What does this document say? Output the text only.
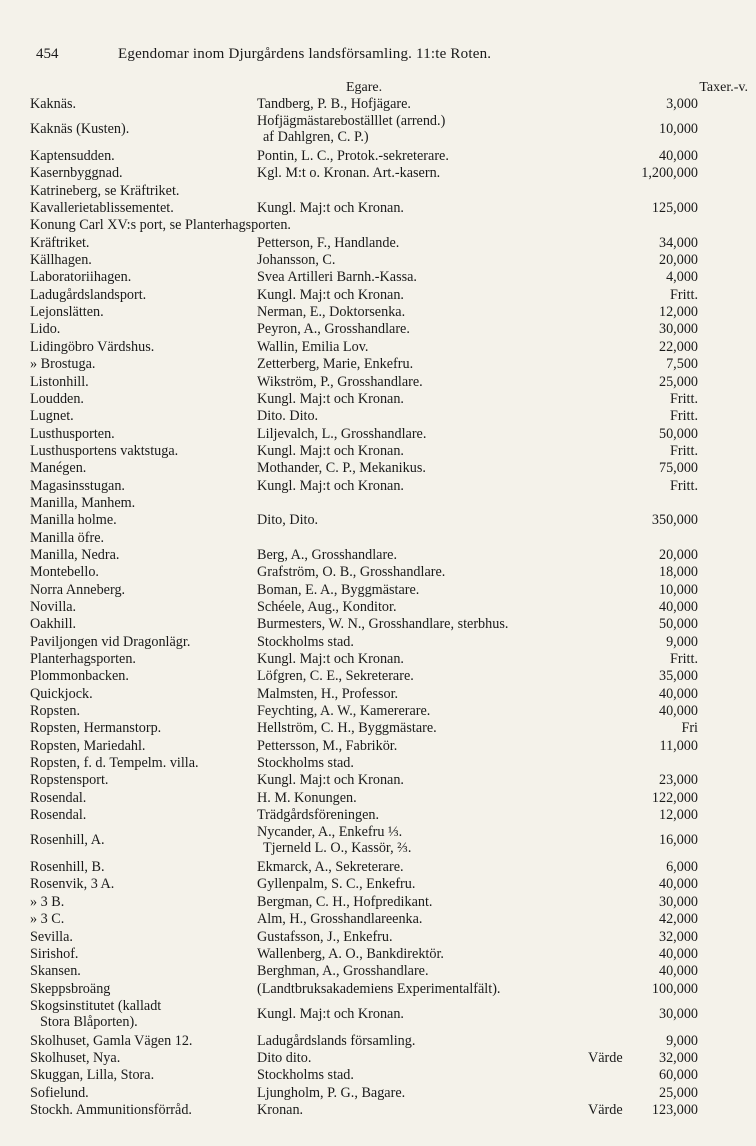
454	Egendomar inom Djurgårdens landsförsamling. 11:te Roten.
Egare.	Taxer.-v.
Kaknäs.	Tandberg, P. B., Hofjägare.	3,000
Kaknäs (Kusten).	Hofjägmästareboställlet (arrend.)
af Dahlgren, C. P.)	10,000
Kaptensudden.	Pontin, L. C., Protok.-sekreterare.	40,000
Kasernbyggnad.	Kgl. M:t o. Kronan. Art.-kasern.	1,200,000
Katrineberg, se Kräftriket.
Kavallerietablissementet.	Kungl. Maj:t och Kronan.	125,000
Konung Carl XV:s port, se Planterhagsporten.
Kräftriket.	Petterson, F., Handlande.	34,000
Källhagen.	Johansson, C.	20,000
Laboratoriihagen.	Svea Artilleri Barnh.-Kassa.	4,000
Ladugårdslandsport.	Kungl. Maj:t och Kronan.	Fritt.
Lejonslätten.	Nerman, E., Doktorsenka.	12,000
Lido.	Peyron, A., Grosshandlare.	30,000
Lidingöbro Värdshus.	Wallin, Emilia Lov.	22,000
» Brostuga.	Zetterberg, Marie, Enkefru.	7,500
Listonhill.	Wikström, P., Grosshandlare.	25,000
Loudden.	Kungl. Maj:t och Kronan.	Fritt.
Lugnet.	Dito. Dito.	Fritt.
Lusthusporten.	Liljevalch, L., Grosshandlare.	50,000
Lusthusportens vaktstuga.	Kungl. Maj:t och Kronan.	Fritt.
Manégen.	Mothander, C. P., Mekanikus.	75,000
Magasinsstugan.	Kungl. Maj:t och Kronan.	Fritt.
Manilla, Manhem.
Manilla holme.	Dito, Dito.	350,000
Manilla öfre.
Manilla, Nedra.	Berg, A., Grosshandlare.	20,000
Montebello.	Grafström, O. B., Grosshandlare.	18,000
Norra Anneberg.	Boman, E. A., Byggmästare.	10,000
Novilla.	Schéele, Aug., Konditor.	40,000
Oakhill.	Burmesters, W. N., Grosshandlare, sterbhus.	50,000
Paviljongen vid Dragonlägr.	Stockholms stad.	9,000
Planterhagsporten.	Kungl. Maj:t och Kronan.	Fritt.
Plommonbacken.	Löfgren, C. E., Sekreterare.	35,000
Quickjock.	Malmsten, H., Professor.	40,000
Ropsten.	Feychting, A. W., Kamererare.	40,000
Ropsten, Hermanstorp.	Hellström, C. H., Byggmästare.	Fri
Ropsten, Mariedahl.	Pettersson, M., Fabrikör.	11,000
Ropsten, f. d. Tempelm. villa.	Stockholms stad.
Ropstensport.	Kungl. Maj:t och Kronan.	23,000
Rosendal.	H. M. Konungen.	122,000
Rosendal.	Trädgårdsföreningen.	12,000
Rosenhill, A.	Nycander, A., Enkefru ⅓.
Tjerneld L. O., Kassör, ⅔.	16,000
Rosenhill, B.	Ekmarck, A., Sekreterare.	6,000
Rosenvik, 3 A.	Gyllenpalm, S. C., Enkefru.	40,000
» 3 B.	Bergman, C. H., Hofpredikant.	30,000
» 3 C.	Alm, H., Grosshandlareenka.	42,000
Sevilla.	Gustafsson, J., Enkefru.	32,000
Sirishof.	Wallenberg, A. O., Bankdirektör.	40,000
Skansen.	Berghman, A., Grosshandlare.	40,000
Skeppsbroäng	(Landtbruksakademiens Experimentalfält).	100,000
Skogsinstitutet (kalladt
Stora Blåporten).	Kungl. Maj:t och Kronan.	30,000
Skolhuset, Gamla Vägen 12.	Ladugårdslands församling.	9,000
Skolhuset, Nya.	Dito dito.	Värde	32,000
Skuggan, Lilla, Stora.	Stockholms stad.	60,000
Sofielund.	Ljungholm, P. G., Bagare.	25,000
Stockh. Ammunitionsförråd.	Kronan.	Värde 123,000
